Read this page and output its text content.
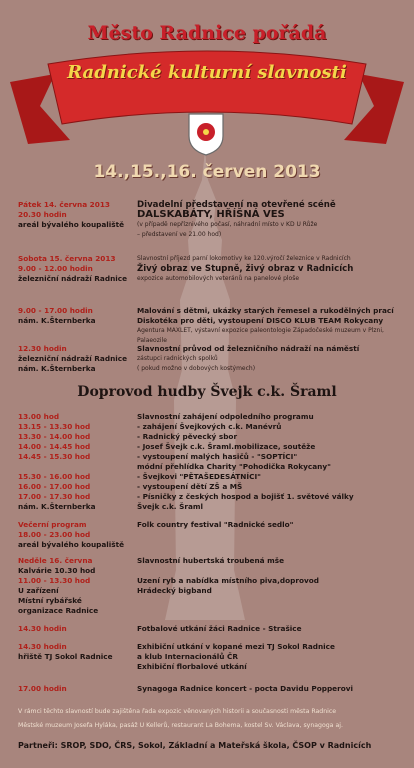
Město Radnice pořádá
Radnické kulturní slavnosti
14.,15.,16. červen 2013
Pátek 14. června 2013
20.30 hodin
areál bývalého koupaliště
Divadelní představení na otevřené scéně
DALSKABÁTY, HŘÍŠNÁ VES
(v případě nepříznivého počasí, náhradní místo v KD U Růže
– představení ve 21.00 hod)
Sobota 15. června 2013
9.00 - 12.00 hodin
železniční nádraží Radnice
Slavnostní příjezd parní lokomotivy ke 120.výročí železnice v Radnicích
Živý obraz ve Stupně, živý obraz v Radnicích
expozice automobilových veteránů na panelové ploše
9.00 - 17.00 hodin
nám. K.Šternberka
Malování s dětmi, ukázky starých řemesel a rukodělných prací
Diskotéka pro děti, vystoupení DISCO KLUB TEAM Rokycany
Agentura MAXLET, výstavní expozice paleontologie Západočeské muzeum v Plzni, Palaeozile
12.30 hodin
železniční nádraží Radnice
nám. K.Šternberka
Slavnostní průvod od železničního nádraží na náměstí
zástupci radnických spolků
( pokud možno v dobových kostýmech)
13.00 hod
13.15 - 13.30 hod
13.30 - 14.00 hod
14.00 - 14.45 hod
14.45 - 15.30 hod

15.30 - 16.00 hod
16.00 - 17.00 hod
17.00 - 17.30 hod
nám. K.Šternberka
Slavnostní zahájení odpoledního programu
- zahájení Švejkových c.k. Manévrů
- Radnický pěvecký sbor
- Josef Švejk c.k. Šraml.mobilizace, soutěže
- vystoupení malých hasičů - "SOPTÍCI"
módní přehlídka Charity "Pohodička Rokycany"
- Švejkovi "PĚTAŠEDESÁTNÍCI"
- vystoupení dětí ZŠ a MŠ
- Písničky z českých hospod a bojišť 1. světové války
Švejk c.k. Šraml
Večerní program
18.00 - 23.00 hod
areál bývalého koupaliště
Folk country festival "Radnické sedlo"
Neděle 16. června
Kalvárie 10.30 hod
11.00 - 13.30 hod
U zařízení
Místní rybářské
organizace Radnice
Slavnostní hubertská troubená mše

Uzení ryb a nabídka místního piva,doprovod
Hrádecký bigband
14.30 hodin	Fotbalové utkání žáci Radnice - Strašice
14.30 hodin
hřiště TJ Sokol Radnice
Exhibiční utkání v kopané mezi TJ Sokol Radnice
a klub Internacionálů ČR
Exhibiční florbalové utkání
17.00 hodin	Synagoga Radnice koncert - pocta Davidu Popperovi
Doprovod hudby Švejk c.k. Šraml
V rámci těchto slavností bude zajištěna řada expozic věnovaných historii a současnosti města Radnice
Městské muzeum Josefa Hyláka, pasáž U Kellerů, restaurant La Bohema, kostel Sv. Václava, synagoga aj.
Partneři: SROP, SDO, ČRS, Sokol, Základní a Mateřská škola, ČSOP v Radnicích
